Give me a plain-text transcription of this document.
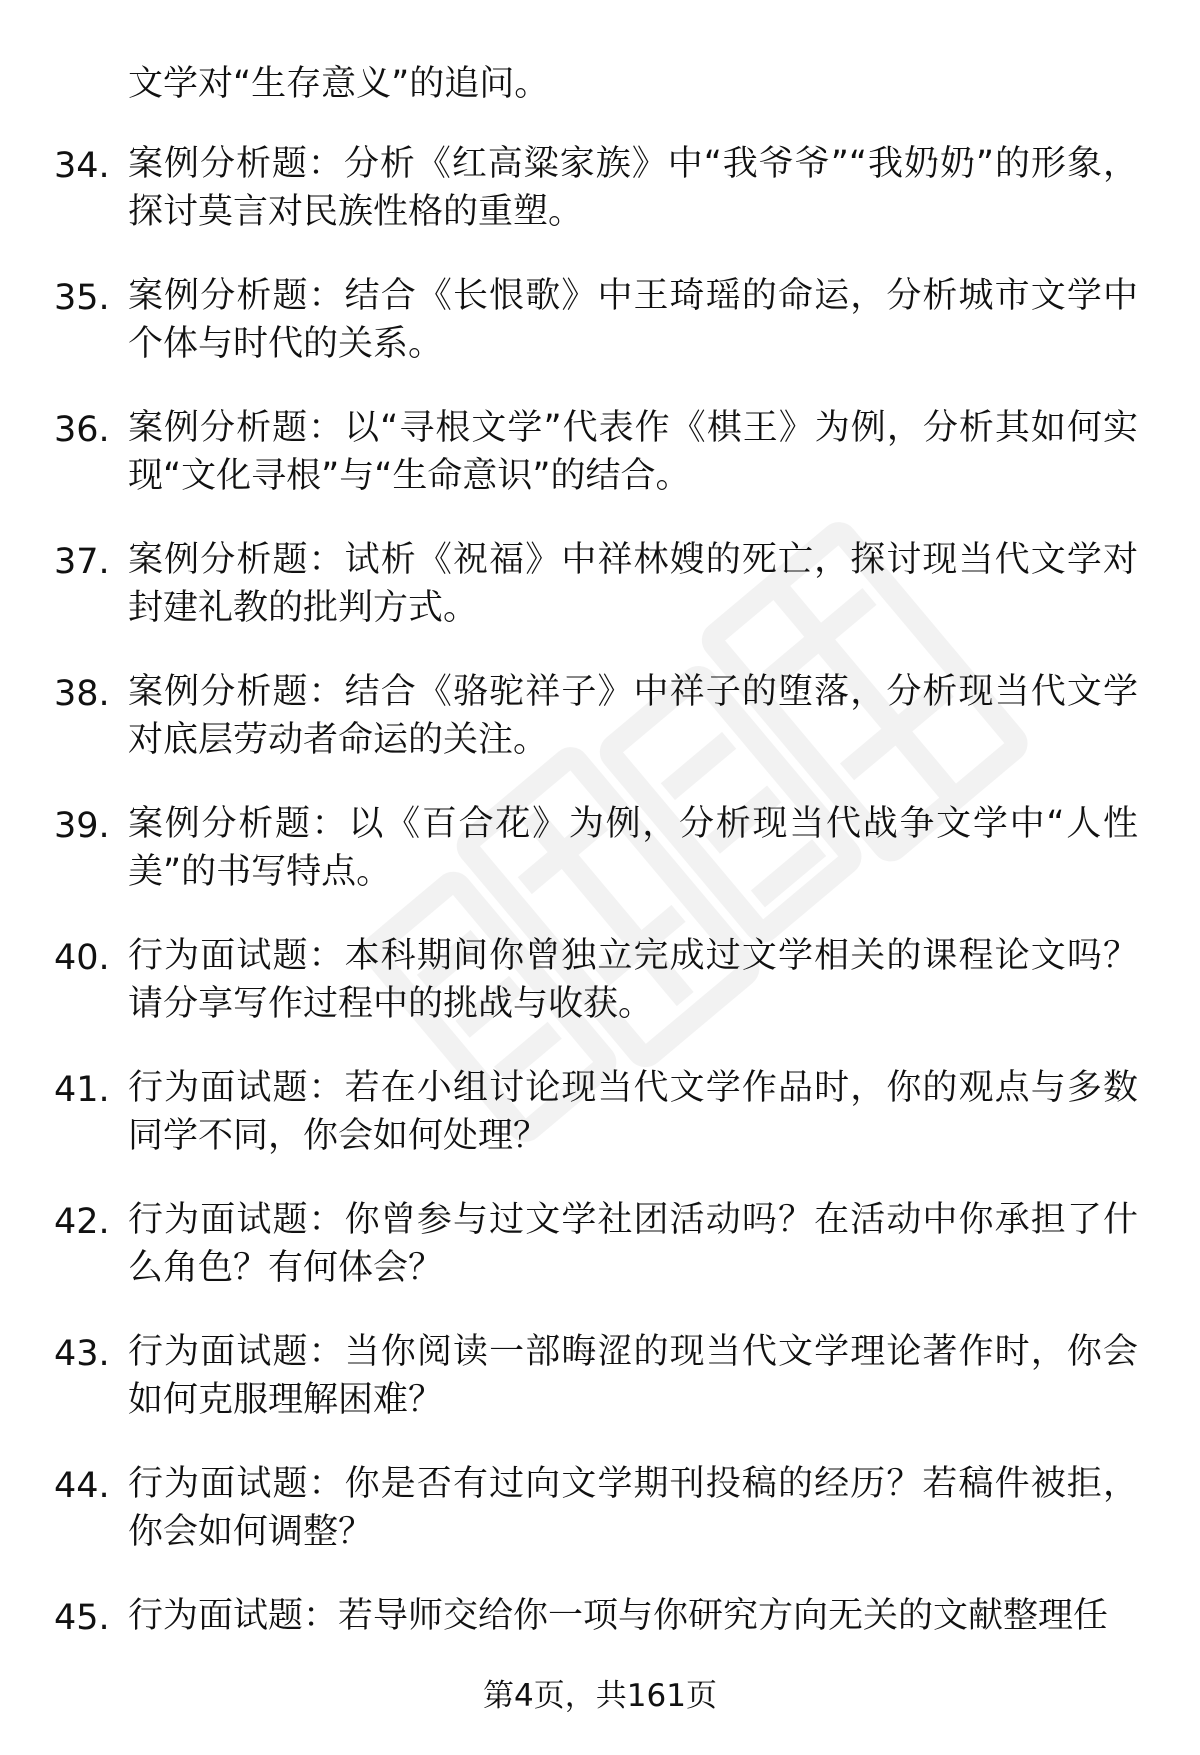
文学对“生存意义”的追问。

34. 案例分析题：分析《红高粱家族》中“我爷爷”“我奶奶”的形象，探讨莫言对民族性格的重塑。

35. 案例分析题：结合《长恨歌》中王琦瑶的命运，分析城市文学中个体与时代的关系。

36. 案例分析题：以“寻根文学”代表作《棋王》为例，分析其如何实现“文化寻根”与“生命意识”的结合。

37. 案例分析题：试析《祝福》中祥林嫂的死亡，探讨现当代文学对封建礼教的批判方式。

38. 案例分析题：结合《骆驼祥子》中祥子的堕落，分析现当代文学对底层劳动者命运的关注。

39. 案例分析题：以《百合花》为例，分析现当代战争文学中“人性美”的书写特点。

40. 行为面试题：本科期间你曾独立完成过文学相关的课程论文吗？请分享写作过程中的挑战与收获。

41. 行为面试题：若在小组讨论现当代文学作品时，你的观点与多数同学不同，你会如何处理？

42. 行为面试题：你曾参与过文学社团活动吗？在活动中你承担了什么角色？有何体会？

43. 行为面试题：当你阅读一部晦涩的现当代文学理论著作时，你会如何克服理解困难？

44. 行为面试题：你是否有过向文学期刊投稿的经历？若稿件被拒，你会如何调整？

45. 行为面试题：若导师交给你一项与你研究方向无关的文献整理任

第4页，共161页
